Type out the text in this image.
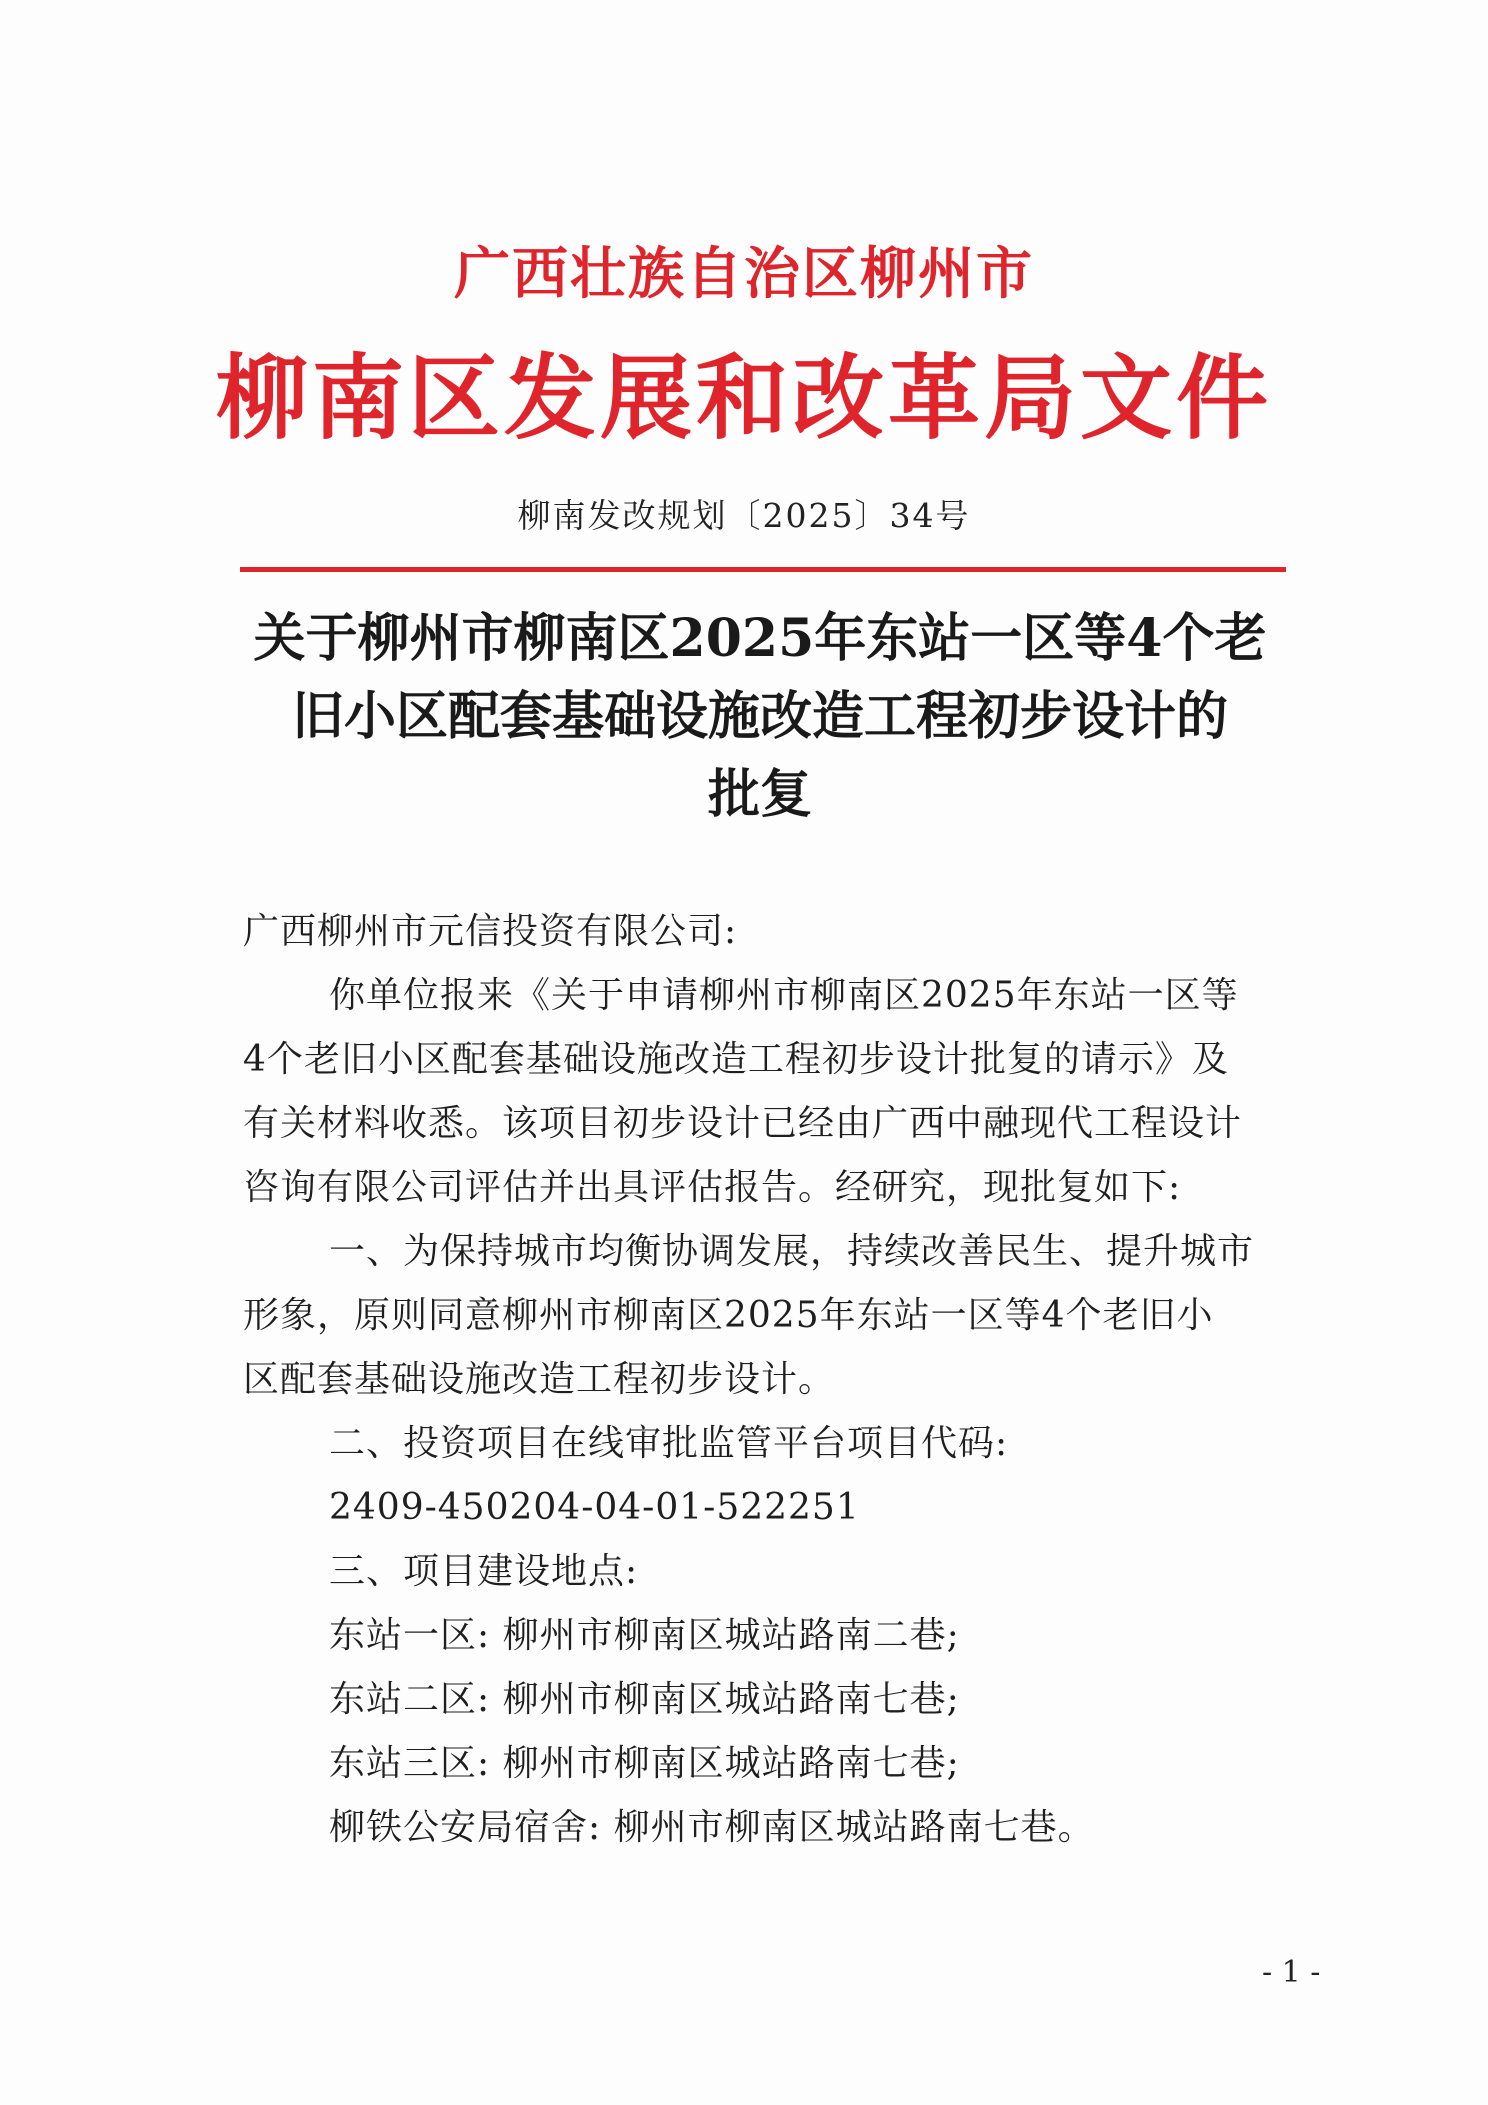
广西壮族自治区柳州市
柳南区发展和改革局文件
柳南发改规划〔2025〕34号
关于柳州市柳南区2025年东站一区等4个老
旧小区配套基础设施改造工程初步设计的
批复

广西柳州市元信投资有限公司:

你单位报来《关于申请柳州市柳南区2025年东站一区等

4个老旧小区配套基础设施改造工程初步设计批复的请示》及

有关材料收悉。该项目初步设计已经由广西中融现代工程设计

咨询有限公司评估并出具评估报告。经研究，现批复如下:

一、为保持城市均衡协调发展，持续改善民生、提升城市

形象，原则同意柳州市柳南区2025年东站一区等4个老旧小

区配套基础设施改造工程初步设计。

二、投资项目在线审批监管平台项目代码:

2409-450204-04-01-522251

三、项目建设地点:

东站一区: 柳州市柳南区城站路南二巷;

东站二区: 柳州市柳南区城站路南七巷;

东站三区: 柳州市柳南区城站路南七巷;

柳铁公安局宿舍: 柳州市柳南区城站路南七巷。

- 1 -
